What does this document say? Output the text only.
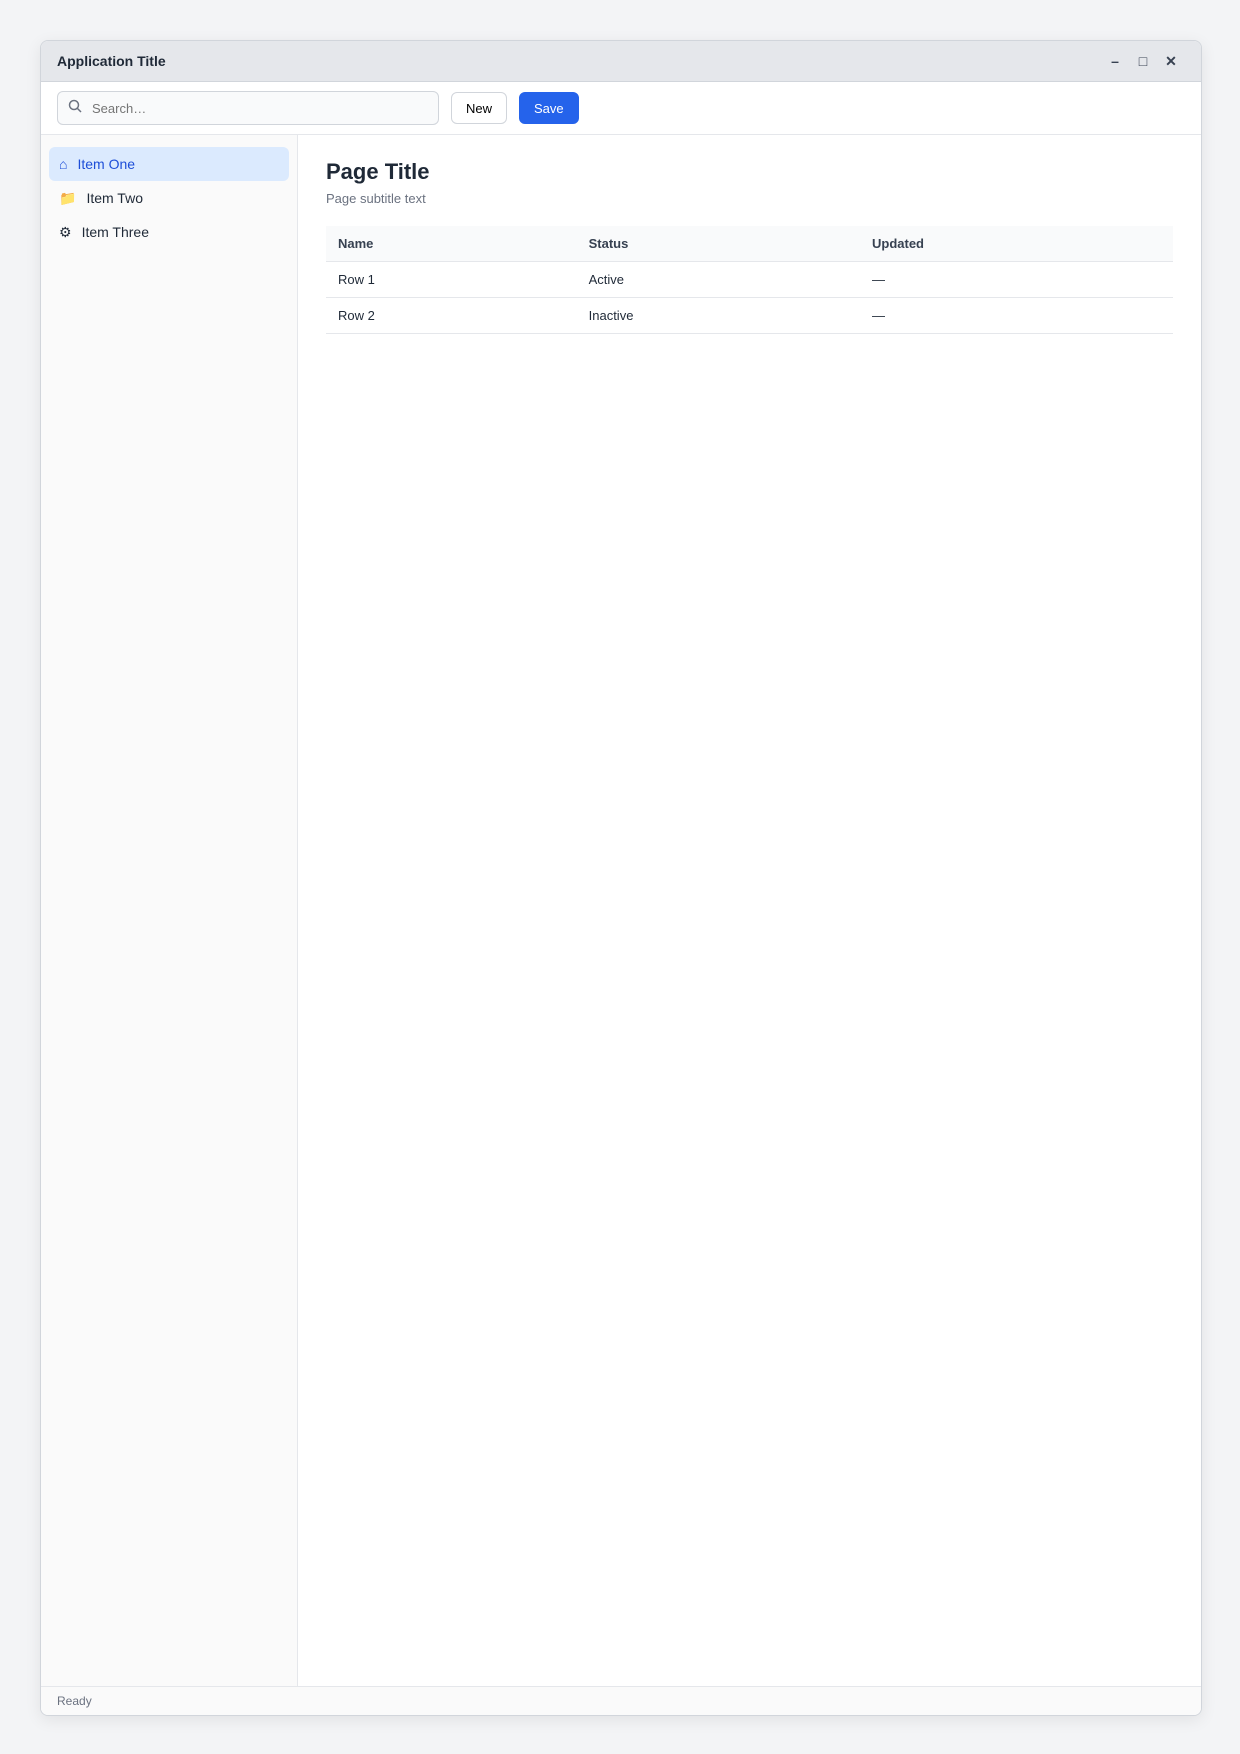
Application Title	–	□	✕
Search…
New	Save
⌂ Item One
📁 Item Two
⚙ Item Three
Page Title

Page subtitle text

Name	Status	Updated
Row 1	Active	—
Row 2	Inactive	—
Ready
